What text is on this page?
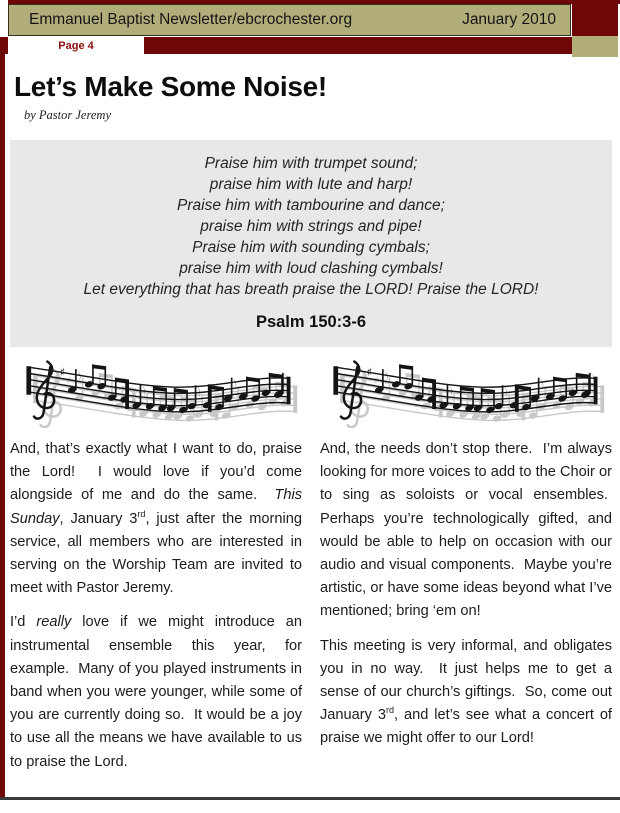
Emmanuel Baptist Newsletter/ebcrochester.org	January 2010
Page 4
Let’s Make Some Noise!
by Pastor Jeremy
Praise him with trumpet sound;
praise him with lute and harp!
Praise him with tambourine and dance;
praise him with strings and pipe!
Praise him with sounding cymbals;
praise him with loud clashing cymbals!
Let everything that has breath praise the LORD! Praise the LORD!
Psalm 150:3-6

And, that’s exactly what I want to do, praise the Lord!  I would love if you’d come alongside of me and do the same.  This Sunday, January 3rd, just after the morning service, all members who are interested in serving on the Worship Team are invited to meet with Pastor Jeremy.

I’d really love if we might introduce an instrumental ensemble this year, for example.  Many of you played instruments in band when you were younger, while some of you are currently doing so.  It would be a joy to use all the means we have available to us to praise the Lord.

And, the needs don’t stop there.  I’m always looking for more voices to add to the Choir or to sing as soloists or vocal ensembles.  Perhaps you’re technologically gifted, and would be able to help on occasion with our audio and visual components.  Maybe you’re artistic, or have some ideas beyond what I’ve mentioned; bring ‘em on!

This meeting is very informal, and obligates you in no way.  It just helps me to get a sense of our church’s giftings.  So, come out January 3rd, and let’s see what a concert of praise we might offer to our Lord!
